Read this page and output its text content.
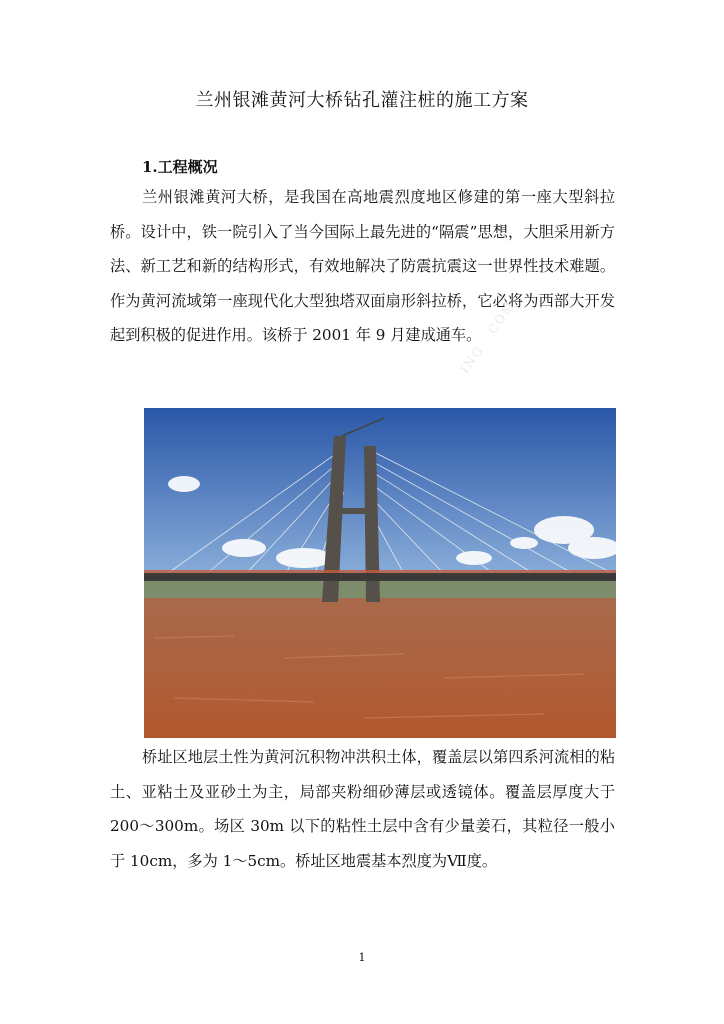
兰州银滩黄河大桥钻孔灌注桩的施工方案
1.工程概况

兰州银滩黄河大桥，是我国在高地震烈度地区修建的第一座大型斜拉桥。设计中，铁一院引入了当今国际上最先进的“隔震”思想，大胆采用新方法、新工艺和新的结构形式，有效地解决了防震抗震这一世界性技术难题。作为黄河流域第一座现代化大型独塔双面扇形斜拉桥，它必将为西部大开发起到积极的促进作用。该桥于 2001 年 9 月建成通车。

ING . COM

桥址区地层土性为黄河沉积物冲洪积土体，覆盖层以第四系河流相的粘土、亚粘土及亚砂土为主，局部夹粉细砂薄层或透镜体。覆盖层厚度大于 200～300m。场区 30m 以下的粘性土层中含有少量姜石，其粒径一般小于 10cm，多为 1～5cm。桥址区地震基本烈度为Ⅶ度。

1
